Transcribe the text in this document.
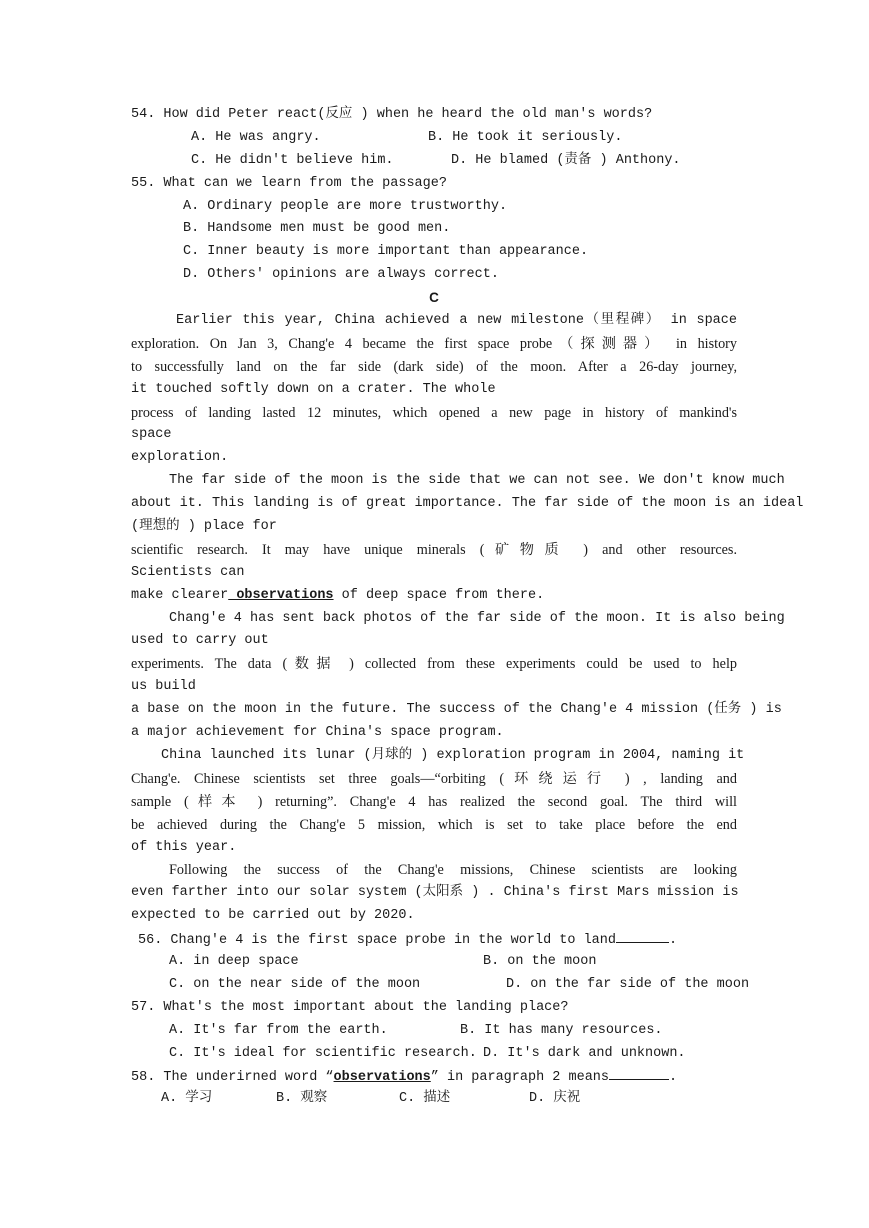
54. How did Peter react(反应 ) when he heard the old man's words?
A. He was angry.	B. He took it seriously.
C. He didn't believe him.	D. He blamed (责备 ) Anthony.
55. What can we learn from the passage?
A. Ordinary people are more trustworthy.
B. Handsome men must be good men.
C. Inner beauty is more important than appearance.
D. Others' opinions are always correct.
C
Earlier this year, China achieved a new milestone（里程碑） in space
exploration. On Jan 3, Chang'e 4 became the first space probe（探测器） in history
to successfully land on the far side (dark side) of the moon. After a 26-day journey,
it touched softly down on a crater. The whole
process of landing lasted 12 minutes, which opened a new page in history of mankind's
space
exploration.
The far side of the moon is the side that we can not see. We don't know much
about it. This landing is of great importance. The far side of the moon is an ideal
(理想的 ) place for
scientific research. It may have unique minerals (矿物质 ) and other resources.
Scientists can
make clearer observations of deep space from there.
Chang'e 4 has sent back photos of the far side of the moon. It is also being
used to carry out
experiments. The data (数据 ) collected from these experiments could be used to help
us build
a base on the moon in the future. The success of the Chang'e 4 mission (任务 ) is
a major achievement for China's space program.
China launched its lunar (月球的 ) exploration program in 2004, naming it
Chang'e. Chinese scientists set three goals—“orbiting (环绕运行 ) , landing and
sample (样本 ) returning”. Chang'e 4 has realized the second goal. The third will
be achieved during the Chang'e 5 mission, which is set to take place before the end
of this year.
Following the success of the Chang'e missions, Chinese scientists are looking
even farther into our solar system (太阳系 ) . China's first Mars mission is
expected to be carried out by 2020.
56. Chang'e 4 is the first space probe in the world to land	.
A. in deep space	B. on the moon
C. on the near side of the moon	D. on the far side of the moon
57. What's the most important about the landing place?
A. It's far from the earth.	B. It has many resources.
C. It's ideal for scientific research. D. It's dark and unknown.
58. The underirned word “observations” in paragraph 2 means	.
A. 学习	B. 观察	C. 描述	D. 庆祝
